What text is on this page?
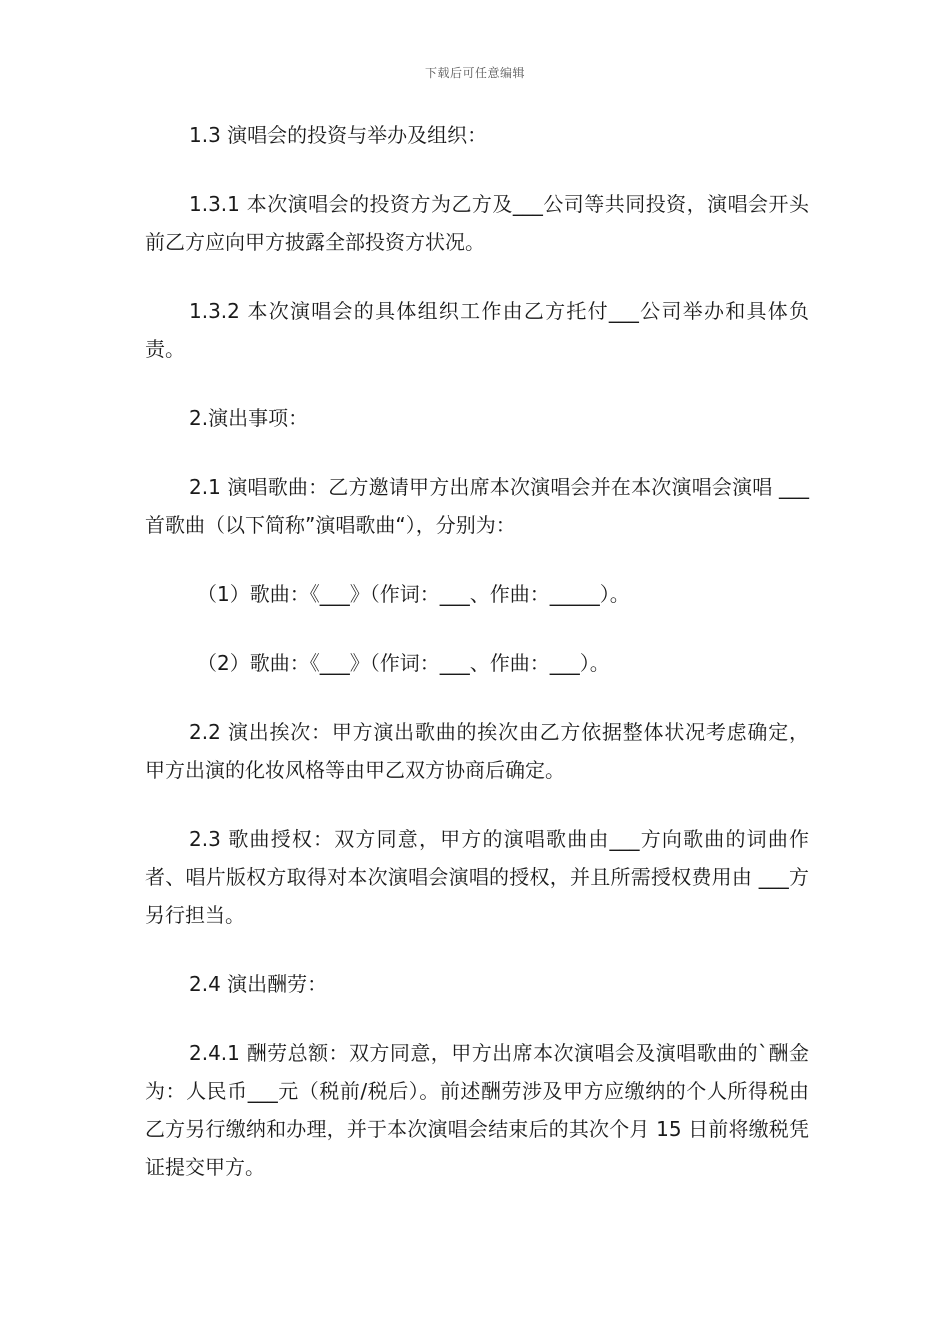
下载后可任意编辑

1.3 演唱会的投资与举办及组织：

1.3.1 本次演唱会的投资方为乙方及___公司等共同投资，演唱会开头前乙方应向甲方披露全部投资方状况。

1.3.2 本次演唱会的具体组织工作由乙方托付___公司举办和具体负责。

2.演出事项：

2.1 演唱歌曲：乙方邀请甲方出席本次演唱会并在本次演唱会演唱 ___首歌曲（以下简称”演唱歌曲“），分别为：

（1）歌曲：《___》（作词：___、作曲：_____）。

（2）歌曲：《___》（作词：___、作曲：___）。

2.2 演出挨次：甲方演出歌曲的挨次由乙方依据整体状况考虑确定， 甲方出演的化妆风格等由甲乙双方协商后确定。

2.3 歌曲授权：双方同意，甲方的演唱歌曲由___方向歌曲的词曲作者、唱片版权方取得对本次演唱会演唱的授权，并且所需授权费用由 ___方另行担当。

2.4 演出酬劳：

2.4.1 酬劳总额：双方同意，甲方出席本次演唱会及演唱歌曲的`酬金为：人民币___元（税前/税后）。前述酬劳涉及甲方应缴纳的个人所得税由乙方另行缴纳和办理，并于本次演唱会结束后的其次个月 15 日前将缴税凭证提交甲方。
